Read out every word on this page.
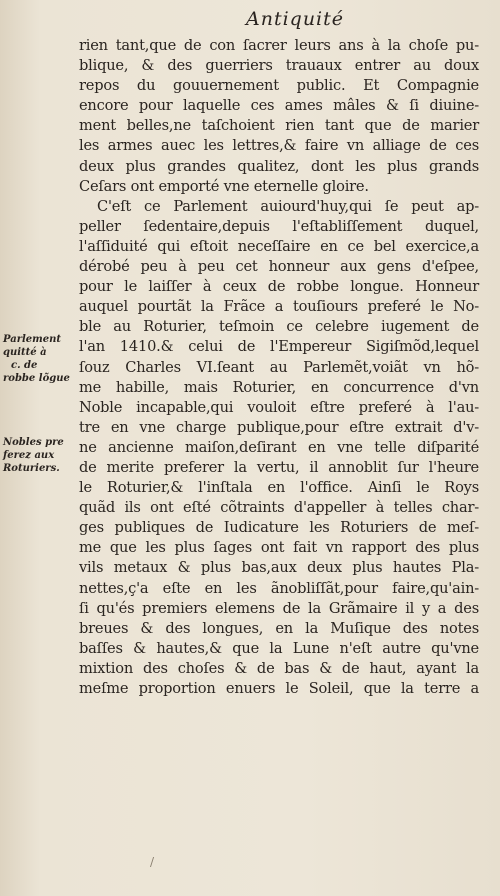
Antiquité
rien tant,que de con ſacrer leurs ans à la choſe pu-
blique, & des guerriers trauaux entrer au doux
repos du gouuernement public. Et Compagnie
encore pour laquelle ces ames mâles & ſi diuine-
ment belles,ne taſchoient rien tant que de marier
les armes auec les lettres,& faire vn alliage de ces
deux plus grandes qualitez, dont les plus grands
Ceſars ont emporté vne eternelle gloire.
C'eſt ce Parlement auiourd'huy,qui ſe peut ap-
peller ſedentaire,depuis l'eſtabliſſement duquel,
l'aſſiduité qui eſtoit neceſſaire en ce bel exercice,a
dérobé peu à peu cet honneur aux gens d'eſpee,
pour le laiſſer à ceux de robbe longue. Honneur
auquel pourtãt la Frãce a touſiours preferé le No-
ble au Roturier, teſmoin ce celebre iugement de
l'an 1410.& celui de l'Empereur Sigiſmõd,lequel
ſouz Charles VI.ſeant au Parlemẽt,voiãt vn hõ-
me habille, mais Roturier, en concurrence d'vn
Noble incapable,qui vouloit eſtre preferé à l'au-
tre en vne charge publique,pour eſtre extrait d'v-
ne ancienne maiſon,deſirant en vne telle diſparité
de merite preferer la vertu, il annoblit ſur l'heure
le Roturier,& l'inſtala en l'office. Ainſi le Roys
quãd ils ont eſté cõtraints d'appeller à telles char-
ges publiques de Iudicature les Roturiers de meſ-
me que les plus ſages ont fait vn rapport des plus
vils metaux & plus bas,aux deux plus hautes Pla-
nettes,ç'a eſte en les ãnobliſſãt,pour faire,qu'ain-
ſi qu'és premiers elemens de la Grãmaire il y a des
breues & des longues, en la Muſique des notes
baſſes & hautes,& que la Lune n'eſt autre qu'vne
mixtion des choſes & de bas & de haut, ayant la
meſme proportion enuers le Soleil, que la terre a
Parlement
quitté à
c. de
robbe lõgue
Nobles pre
ferez aux
Roturiers.
/
